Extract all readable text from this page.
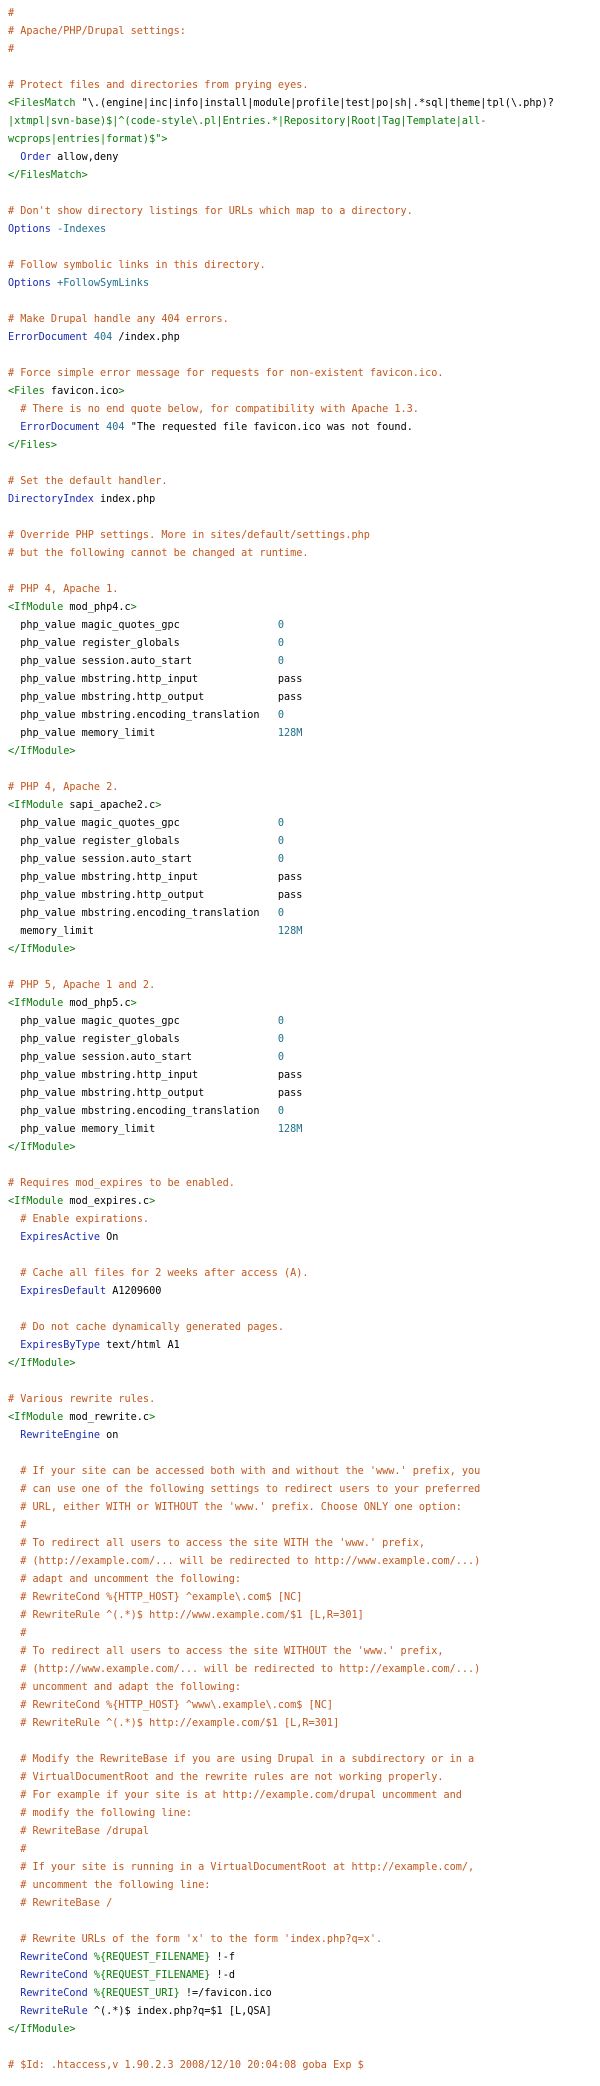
#
# Apache/PHP/Drupal settings:
#

# Protect files and directories from prying eyes.
<FilesMatch "\.(engine|inc|info|install|module|profile|test|po|sh|.*sql|theme|tpl(\.php)?
|xtmpl|svn-base)$|^(code-style\.pl|Entries.*|Repository|Root|Tag|Template|all-
wcprops|entries|format)$">
Order allow,deny
</FilesMatch>

# Don't show directory listings for URLs which map to a directory.
Options -Indexes

# Follow symbolic links in this directory.
Options +FollowSymLinks

# Make Drupal handle any 404 errors.
ErrorDocument 404 /index.php

# Force simple error message for requests for non-existent favicon.ico.
<Files favicon.ico>
# There is no end quote below, for compatibility with Apache 1.3.
ErrorDocument 404 "The requested file favicon.ico was not found.
</Files>

# Set the default handler.
DirectoryIndex index.php

# Override PHP settings. More in sites/default/settings.php
# but the following cannot be changed at runtime.

# PHP 4, Apache 1.
<IfModule mod_php4.c>
php_value magic_quotes_gpc                0
php_value register_globals                0
php_value session.auto_start              0
php_value mbstring.http_input             pass
php_value mbstring.http_output            pass
php_value mbstring.encoding_translation   0
php_value memory_limit                    128M
</IfModule>

# PHP 4, Apache 2.
<IfModule sapi_apache2.c>
php_value magic_quotes_gpc                0
php_value register_globals                0
php_value session.auto_start              0
php_value mbstring.http_input             pass
php_value mbstring.http_output            pass
php_value mbstring.encoding_translation   0
memory_limit                              128M
</IfModule>

# PHP 5, Apache 1 and 2.
<IfModule mod_php5.c>
php_value magic_quotes_gpc                0
php_value register_globals                0
php_value session.auto_start              0
php_value mbstring.http_input             pass
php_value mbstring.http_output            pass
php_value mbstring.encoding_translation   0
php_value memory_limit                    128M
</IfModule>

# Requires mod_expires to be enabled.
<IfModule mod_expires.c>
# Enable expirations.
ExpiresActive On

# Cache all files for 2 weeks after access (A).
ExpiresDefault A1209600

# Do not cache dynamically generated pages.
ExpiresByType text/html A1
</IfModule>

# Various rewrite rules.
<IfModule mod_rewrite.c>
RewriteEngine on

# If your site can be accessed both with and without the 'www.' prefix, you
# can use one of the following settings to redirect users to your preferred
# URL, either WITH or WITHOUT the 'www.' prefix. Choose ONLY one option:
#
# To redirect all users to access the site WITH the 'www.' prefix,
# (http://example.com/... will be redirected to http://www.example.com/...)
# adapt and uncomment the following:
# RewriteCond %{HTTP_HOST} ^example\.com$ [NC]
# RewriteRule ^(.*)$ http://www.example.com/$1 [L,R=301]
#
# To redirect all users to access the site WITHOUT the 'www.' prefix,
# (http://www.example.com/... will be redirected to http://example.com/...)
# uncomment and adapt the following:
# RewriteCond %{HTTP_HOST} ^www\.example\.com$ [NC]
# RewriteRule ^(.*)$ http://example.com/$1 [L,R=301]

# Modify the RewriteBase if you are using Drupal in a subdirectory or in a
# VirtualDocumentRoot and the rewrite rules are not working properly.
# For example if your site is at http://example.com/drupal uncomment and
# modify the following line:
# RewriteBase /drupal
#
# If your site is running in a VirtualDocumentRoot at http://example.com/,
# uncomment the following line:
# RewriteBase /

# Rewrite URLs of the form 'x' to the form 'index.php?q=x'.
RewriteCond %{REQUEST_FILENAME} !-f
RewriteCond %{REQUEST_FILENAME} !-d
RewriteCond %{REQUEST_URI} !=/favicon.ico
RewriteRule ^(.*)$ index.php?q=$1 [L,QSA]
</IfModule>

# $Id: .htaccess,v 1.90.2.3 2008/12/10 20:04:08 goba Exp $
